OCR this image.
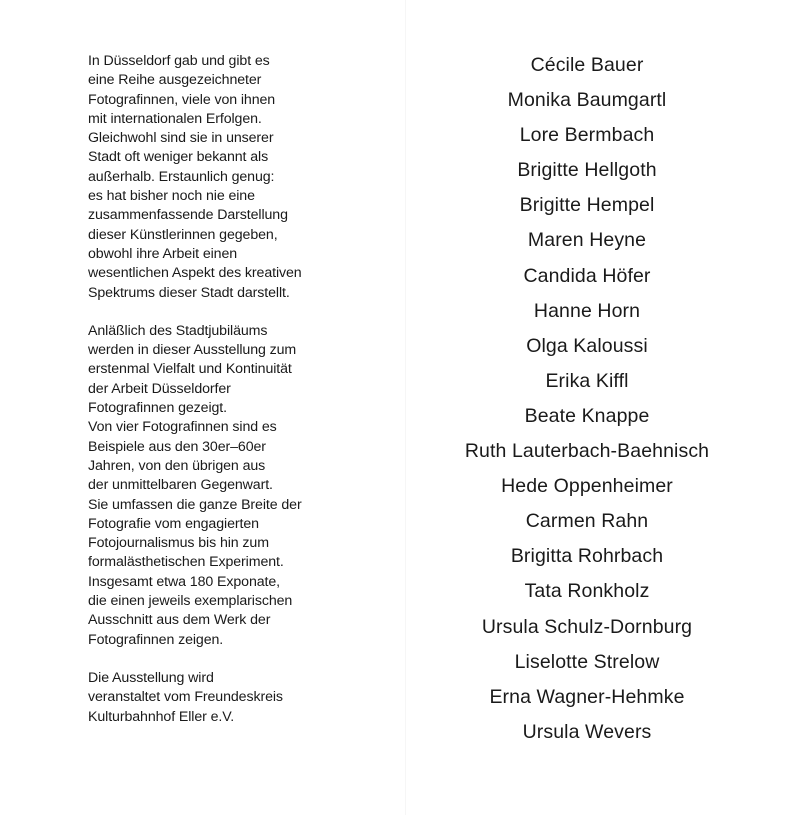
In Düsseldorf gab und gibt es
eine Reihe ausgezeichneter
Fotografinnen, viele von ihnen
mit internationalen Erfolgen.
Gleichwohl sind sie in unserer
Stadt oft weniger bekannt als
außerhalb. Erstaunlich genug:
es hat bisher noch nie eine
zusammenfassende Darstellung
dieser Künstlerinnen gegeben,
obwohl ihre Arbeit einen
wesentlichen Aspekt des kreativen
Spektrums dieser Stadt darstellt.

Anläßlich des Stadtjubiläums
werden in dieser Ausstellung zum
erstenmal Vielfalt und Kontinuität
der Arbeit Düsseldorfer
Fotografinnen gezeigt.
Von vier Fotografinnen sind es
Beispiele aus den 30er–60er
Jahren, von den übrigen aus
der unmittelbaren Gegenwart.
Sie umfassen die ganze Breite der
Fotografie vom engagierten
Fotojournalismus bis hin zum
formalästhetischen Experiment.
Insgesamt etwa 180 Exponate,
die einen jeweils exemplarischen
Ausschnitt aus dem Werk der
Fotografinnen zeigen.

Die Ausstellung wird
veranstaltet vom Freundeskreis
Kulturbahnhof Eller e.V.

Cécile Bauer
Monika Baumgartl
Lore Bermbach
Brigitte Hellgoth
Brigitte Hempel
Maren Heyne
Candida Höfer
Hanne Horn
Olga Kaloussi
Erika Kiffl
Beate Knappe
Ruth Lauterbach-Baehnisch
Hede Oppenheimer
Carmen Rahn
Brigitta Rohrbach
Tata Ronkholz
Ursula Schulz-Dornburg
Liselotte Strelow
Erna Wagner-Hehmke
Ursula Wevers
